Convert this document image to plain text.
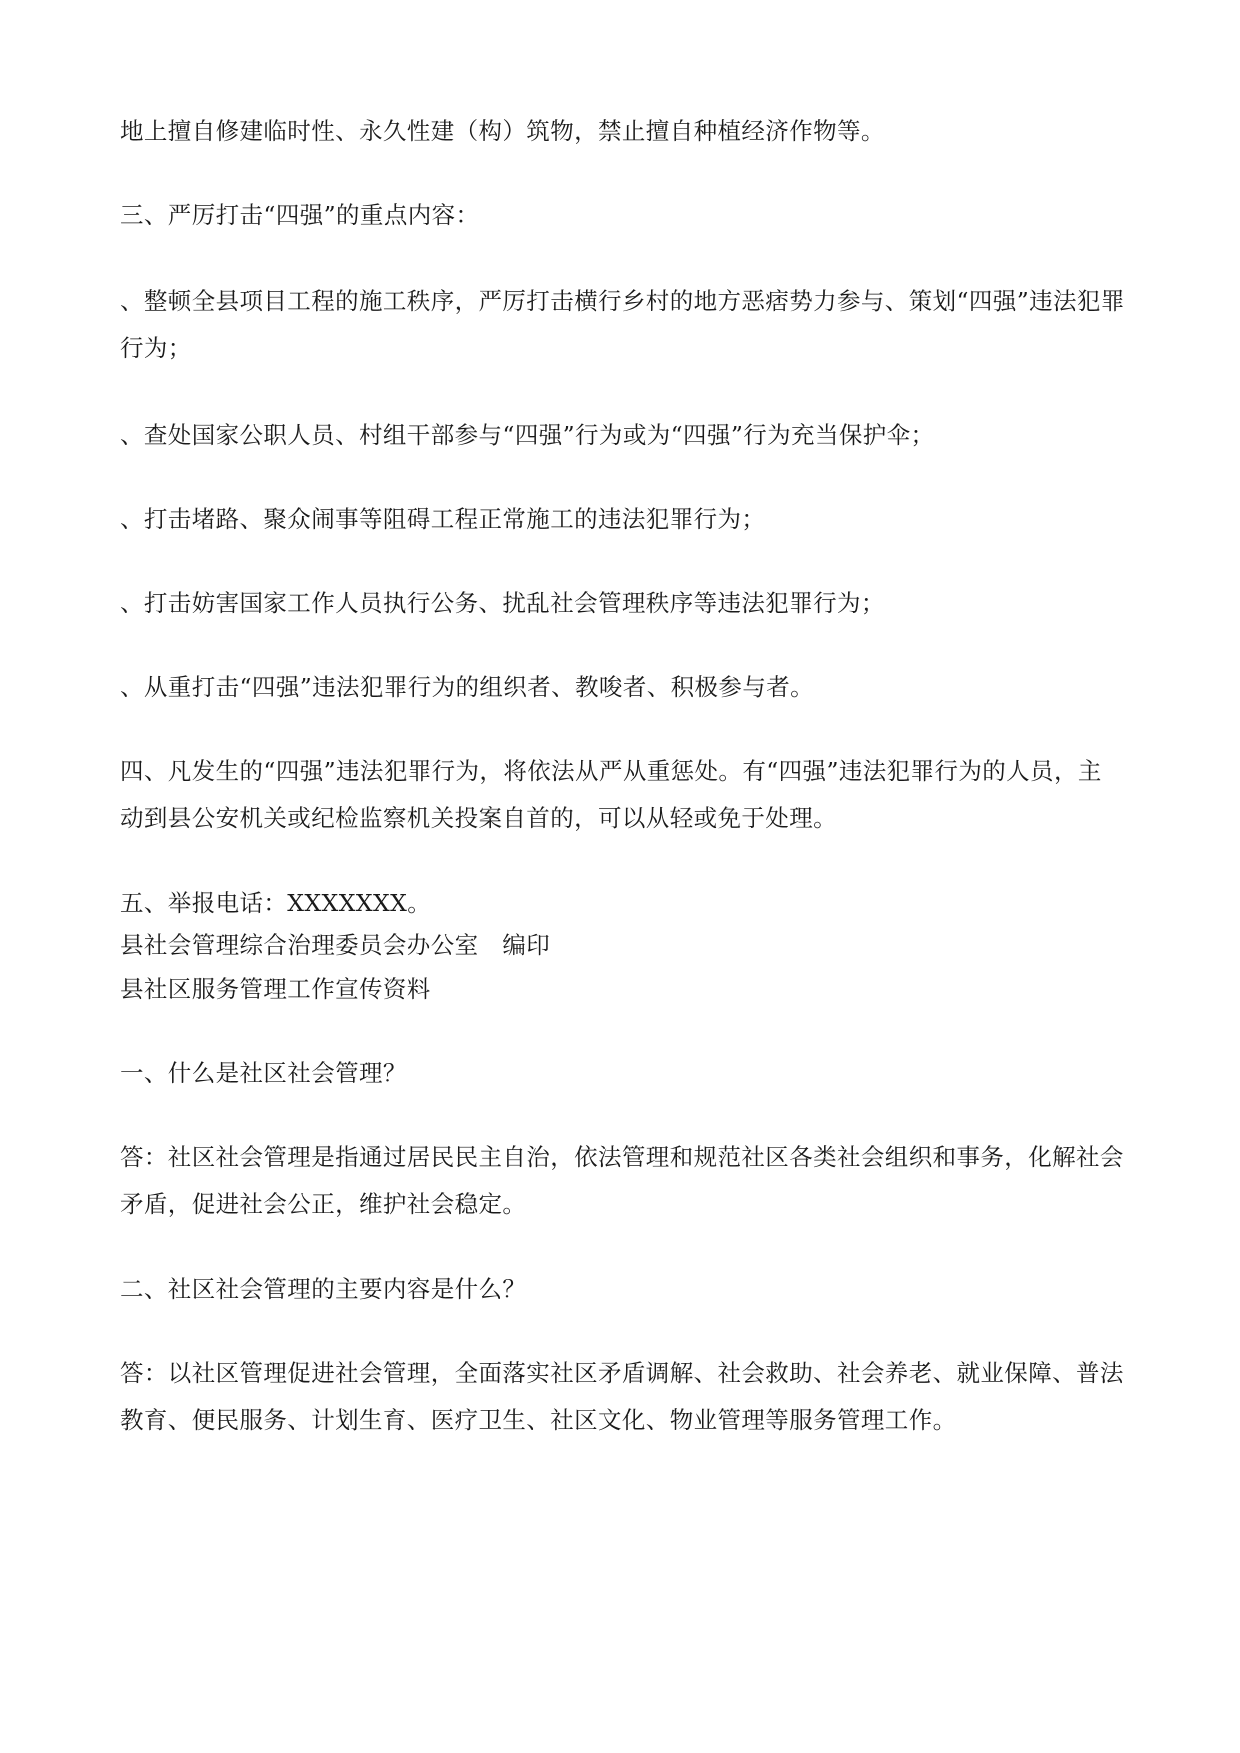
地上擅自修建临时性、永久性建（构）筑物，禁止擅自种植经济作物等。

三、严厉打击“四强”的重点内容：

、整顿全县项目工程的施工秩序，严厉打击横行乡村的地方恶痞势力参与、策划“四强”违法犯罪行为；

、查处国家公职人员、村组干部参与“四强”行为或为“四强”行为充当保护伞；

、打击堵路、聚众闹事等阻碍工程正常施工的违法犯罪行为；

、打击妨害国家工作人员执行公务、扰乱社会管理秩序等违法犯罪行为；

、从重打击“四强”违法犯罪行为的组织者、教唆者、积极参与者。

四、凡发生的“四强”违法犯罪行为，将依法从严从重惩处。有“四强”违法犯罪行为的人员，主动到县公安机关或纪检监察机关投案自首的，可以从轻或免于处理。

五、举报电话：XXXXXXX。

县社会管理综合治理委员会办公室　编印

县社区服务管理工作宣传资料

一、什么是社区社会管理？

答：社区社会管理是指通过居民民主自治，依法管理和规范社区各类社会组织和事务，化解社会矛盾，促进社会公正，维护社会稳定。

二、社区社会管理的主要内容是什么？

答：以社区管理促进社会管理，全面落实社区矛盾调解、社会救助、社会养老、就业保障、普法教育、便民服务、计划生育、医疗卫生、社区文化、物业管理等服务管理工作。
